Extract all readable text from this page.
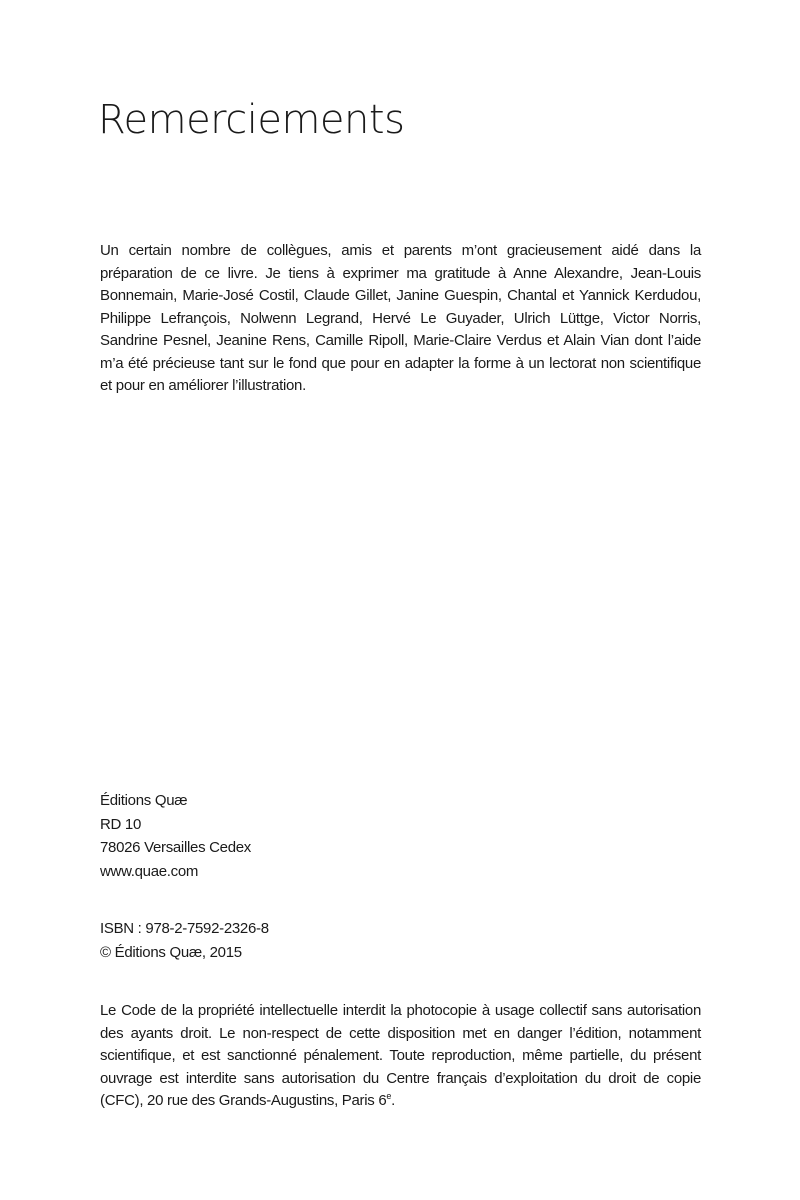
Remerciements

Un certain nombre de collègues, amis et parents m’ont gracieusement aidé dans la préparation de ce livre. Je tiens à exprimer ma gratitude à Anne Alexandre, Jean-Louis Bonnemain, Marie-José Costil, Claude Gillet, Janine Guespin, Chantal et Yannick Kerdudou, Philippe Lefrançois, Nolwenn Legrand, Hervé Le Guyader, Ulrich Lüttge, Victor Norris, Sandrine Pesnel, Jeanine Rens, Camille Ripoll, Marie-Claire Verdus et Alain Vian dont l’aide m’a été précieuse tant sur le fond que pour en adapter la forme à un lectorat non scientifique et pour en améliorer l’illustration.

Éditions Quæ
RD 10
78026 Versailles Cedex
www.quae.com
ISBN : 978-2-7592-2326-8
© Éditions Quæ, 2015

Le Code de la propriété intellectuelle interdit la photocopie à usage collectif sans autorisation des ayants droit. Le non-respect de cette disposition met en danger l’édition, notamment scientifique, et est sanctionné pénalement. Toute reproduction, même partielle, du présent ouvrage est interdite sans autorisation du Centre français d’exploitation du droit de copie (CFC), 20 rue des Grands-Augustins, Paris 6e.
